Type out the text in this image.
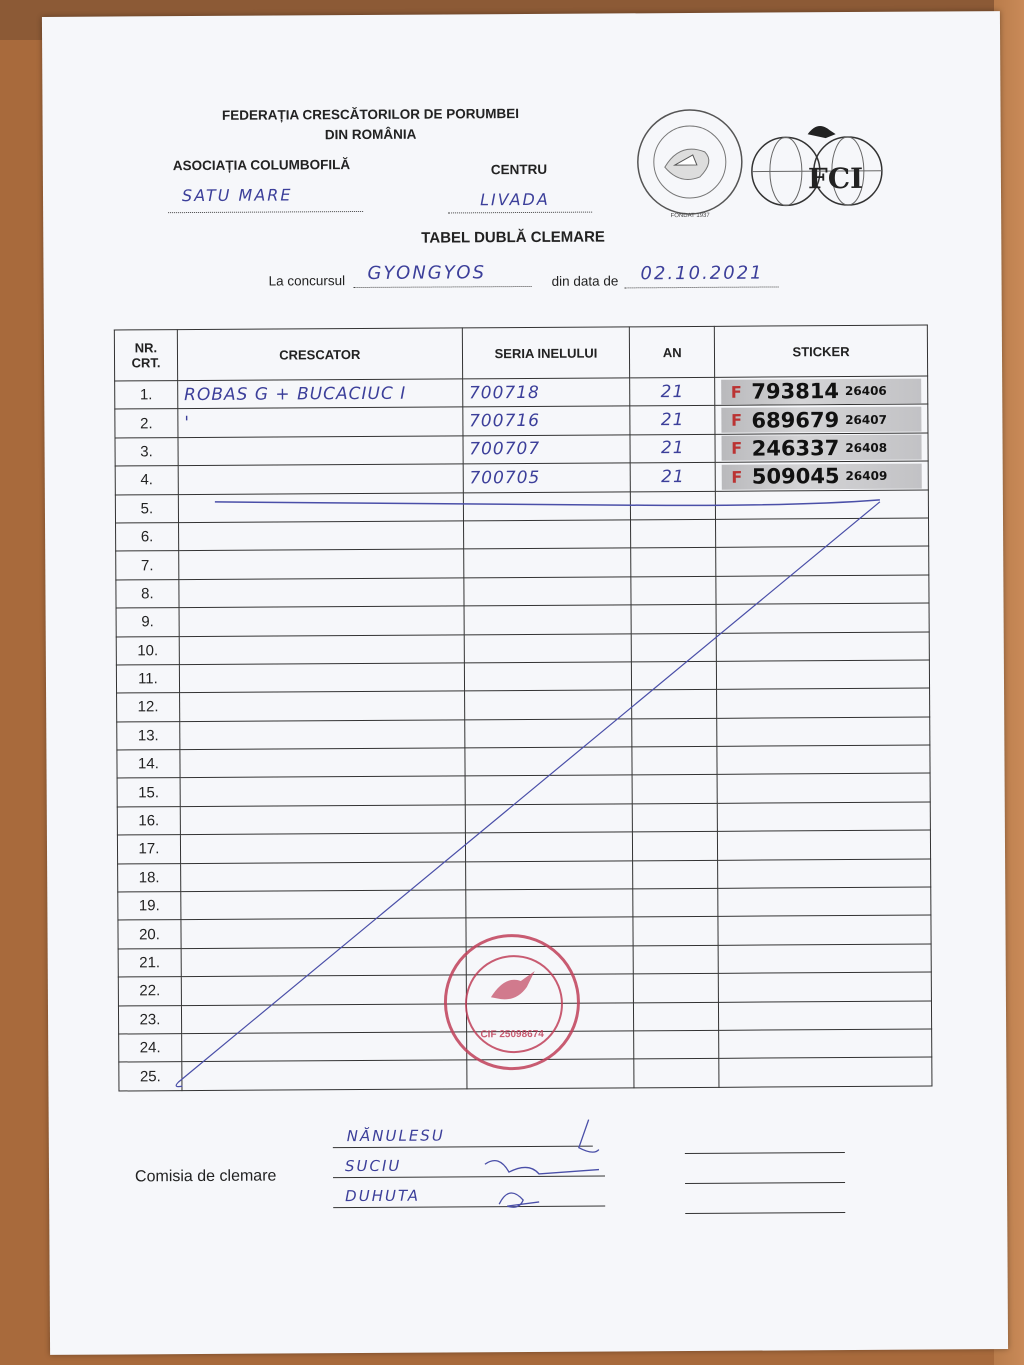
FEDERAȚIA CRESCĂTORILOR DE PORUMBEI
DIN ROMÂNIA
ASOCIAȚIA COLUMBOFILĂ
SATU MARE
CENTRU
LIVADA
FONDAT 1937
FCI
TABEL DUBLĂ CLEMARE
La concursul	GYONGYOS	din data de	02.10.2021
NR.
CRT.	CRESCATOR	SERIA INELULUI	AN	STICKER
1.	ROBAS G + BUCACIUC I	700718	21	F 793814 26406

2.	'	700716	21	F 689679 26407

3.		700707	21	F 246337 26408

4.		700705	21	F 509045 26409

5.				
6.				
7.				
8.				
9.				
10.				
11.				
12.				
13.				
14.				
15.				
16.				
17.				
18.				
19.				
20.				
21.				
22.				
23.				
24.				
25.				
CIF 25098674
Comisia de clemare
NĂNULESU
SUCIU
DUHUTA
